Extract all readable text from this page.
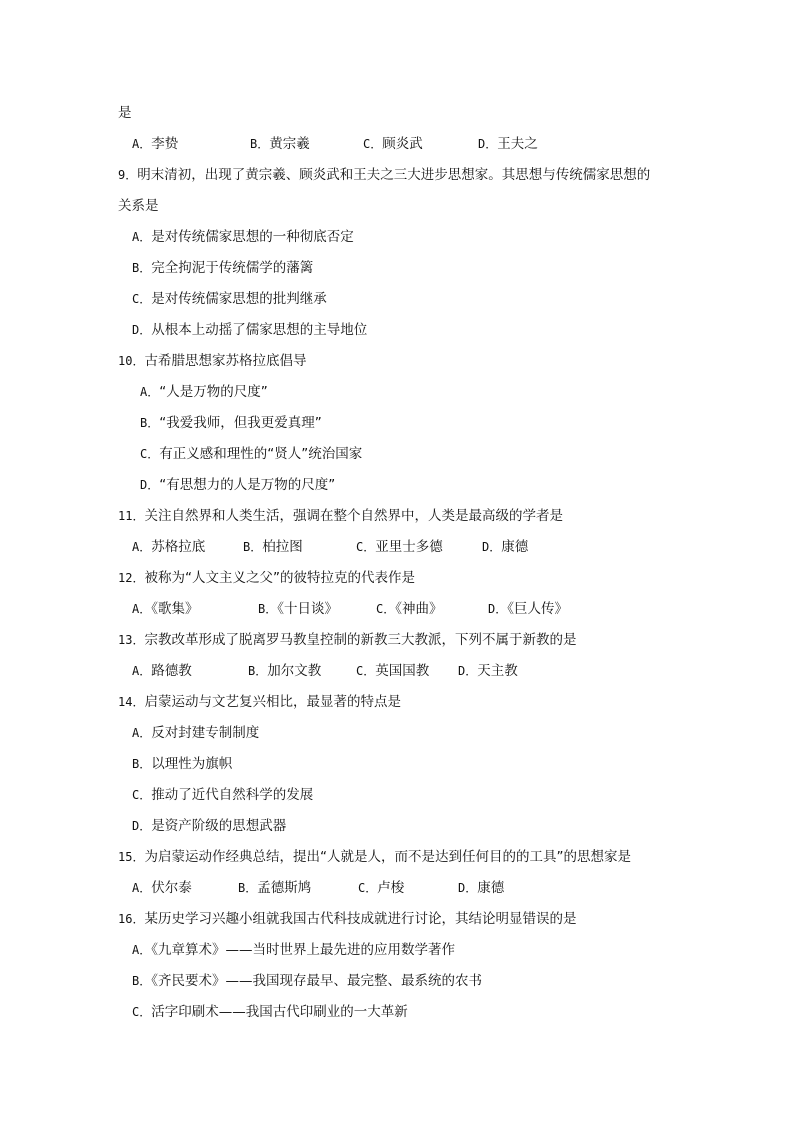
是
A．李贽	B．黄宗羲	C．顾炎武	D．王夫之
9．明末清初，出现了黄宗羲、顾炎武和王夫之三大进步思想家。其思想与传统儒家思想的
关系是
A．是对传统儒家思想的一种彻底否定
B．完全拘泥于传统儒学的藩篱
C．是对传统儒家思想的批判继承
D．从根本上动摇了儒家思想的主导地位
10．古希腊思想家苏格拉底倡导
A．“人是万物的尺度”
B．“我爱我师，但我更爱真理”
C．有正义感和理性的“贤人”统治国家
D．“有思想力的人是万物的尺度”
11．关注自然界和人类生活，强调在整个自然界中，人类是最高级的学者是
A．苏格拉底	B．柏拉图	C．亚里士多德	D．康德
12．被称为“人文主义之父”的彼特拉克的代表作是
A．《歌集》	B．《十日谈》	C．《神曲》	D．《巨人传》
13．宗教改革形成了脱离罗马教皇控制的新教三大教派，下列不属于新教的是
A．路德教	B．加尔文教	C．英国国教 D．天主教
14．启蒙运动与文艺复兴相比，最显著的特点是
A．反对封建专制制度
B．以理性为旗帜
C．推动了近代自然科学的发展
D．是资产阶级的思想武器
15．为启蒙运动作经典总结，提出“人就是人，而不是达到任何目的的工具”的思想家是
A．伏尔泰	B．孟德斯鸠	C．卢梭	D．康德
16．某历史学习兴趣小组就我国古代科技成就进行讨论，其结论明显错误的是
A．《九章算术》——当时世界上最先进的应用数学著作
B．《齐民要术》——我国现存最早、最完整、最系统的农书
C．活字印刷术——我国古代印刷业的一大革新
